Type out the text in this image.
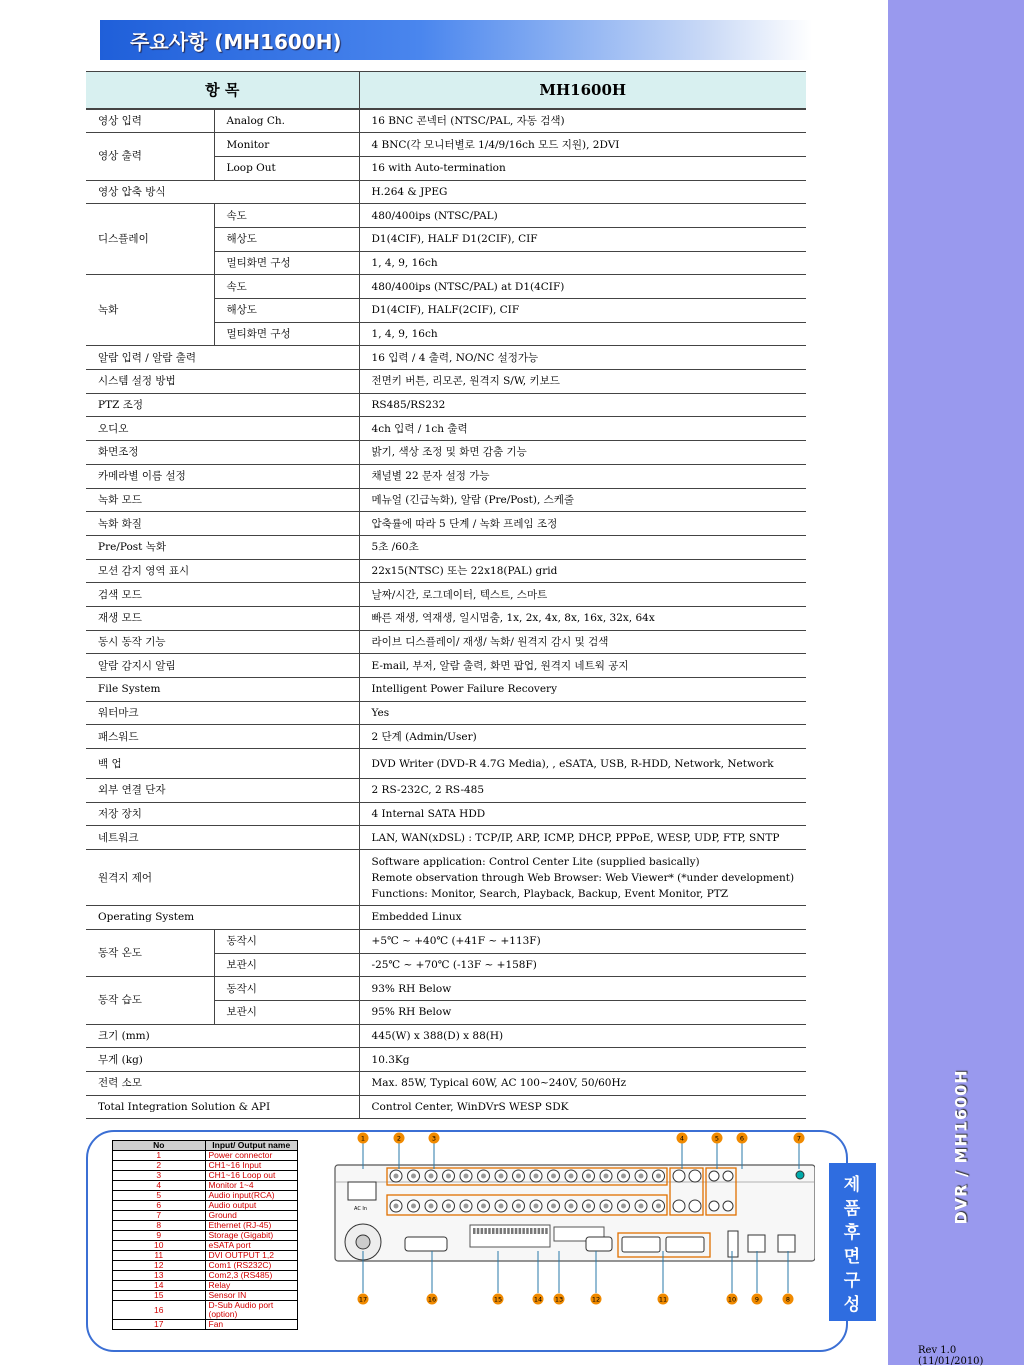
DVR / MH1600H
주요사항 (MH1600H)
항 목		MH1600H
영상 입력	Analog Ch.	16 BNC 콘넥터 (NTSC/PAL, 자동 검색)
영상 출력	Monitor	4 BNC(각 모니터별로 1/4/9/16ch 모드 지원), 2DVI
	Loop Out	16 with Auto-termination
영상 압축 방식		H.264 & JPEG
디스플레이	속도	480/400ips (NTSC/PAL)
	해상도	D1(4CIF), HALF D1(2CIF), CIF
	멀티화면 구성	1, 4, 9, 16ch
녹화	속도	480/400ips (NTSC/PAL) at D1(4CIF)
	해상도	D1(4CIF), HALF(2CIF), CIF
	멀티화면 구성	1, 4, 9, 16ch
알람 입력 / 알람 출력		16 입력 / 4 출력, NO/NC 설정가능
시스템 설정 방법		전면키 버튼, 리모콘, 원격지 S/W, 키보드
PTZ 조정		RS485/RS232
오디오		4ch 입력 / 1ch 출력
화면조정		밝기, 색상 조정 및 화면 감춤 기능
카메라별 이름 설정		채널별 22 문자 설정 가능
녹화 모드		메뉴얼 (긴급녹화), 알람 (Pre/Post), 스케줄
녹화 화질		압축률에 따라 5 단계 / 녹화 프레임 조정
Pre/Post 녹화		5초 /60초
모션 감지 영역 표시		22x15(NTSC) 또는 22x18(PAL) grid
검색 모드		날짜/시간, 로그데이터, 텍스트, 스마트
재생 모드		빠른 재생, 역재생, 일시멈춤, 1x, 2x, 4x, 8x, 16x, 32x, 64x
동시 동작 기능		라이브 디스플레이/ 재생/ 녹화/ 원격지 감시 및 검색
알람 감지시 알림		E-mail, 부저, 알람 출력, 화면 팝업, 원격지 네트웍 공지
File System		Intelligent Power Failure Recovery
워터마크		Yes
패스워드		2 단계 (Admin/User)
백 업		DVD Writer (DVD-R 4.7G Media), , eSATA, USB, R-HDD, Network, Network
외부 연결 단자		2 RS-232C, 2 RS-485
저장 장치		4 Internal SATA HDD
네트워크		LAN, WAN(xDSL) : TCP/IP, ARP, ICMP, DHCP, PPPoE, WESP, UDP, FTP, SNTP
원격지 제어		Software application: Control Center Lite (supplied basically)
Remote observation through Web Browser: Web Viewer* (*under development)
Functions: Monitor, Search, Playback, Backup, Event Monitor, PTZ

Operating System		Embedded Linux
동작 온도	동작시	+5℃ ~ +40℃ (+41F ~ +113F)
	보관시	-25℃ ~ +70℃ (-13F ~ +158F)
동작 습도	동작시	93% RH Below
	보관시	95% RH Below
크기 (mm)		445(W) x 388(D) x 88(H)
무게 (kg)		10.3Kg
전력 소모		Max. 85W, Typical 60W, AC 100~240V, 50/60Hz
Total Integration Solution & API		Control Center, WinDVrS WESP SDK
No	Input/ Output name
1	Power connector
2	CH1~16 Input
3	CH1~16 Loop out
4	Monitor 1~4
5	Audio input(RCA)
6	Audio output
7	Ground
8	Ethernet (RJ-45)
9	Storage (Gigabit)
10	eSATA port
11	DVI OUTPUT 1,2
12	Com1 (RS232C)
13	Com2,3 (RS485)
14	Relay
15	Sensor IN
16	D-Sub Audio port (option)
17	Fan
AC In
1	2	3	4	5	6	7
17	16	15	14 13	12	11	10	9	8
제품 후면 구성
Rev 1.0 (11/01/2010)
